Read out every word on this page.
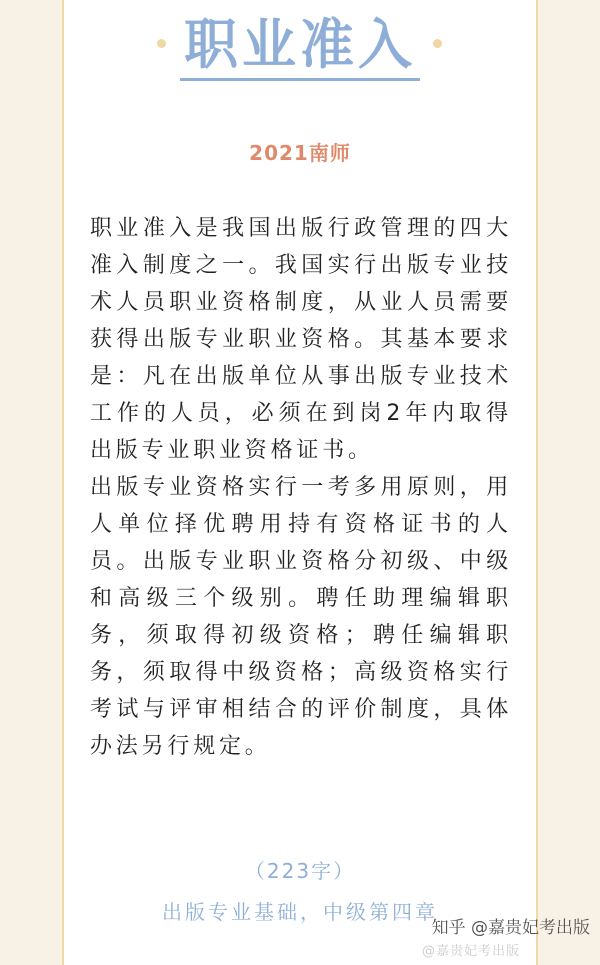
职业准入
2021南师

职业准入是我国出版行政管理的四大准入制度之一。我国实行出版专业技术人员职业资格制度，从业人员需要获得出版专业职业资格。其基本要求是：凡在出版单位从事出版专业技术工作的人员，必须在到岗2年内取得出版专业职业资格证书。

出版专业资格实行一考多用原则，用人单位择优聘用持有资格证书的人员。出版专业职业资格分初级、中级和高级三个级别。聘任助理编辑职务，须取得初级资格；聘任编辑职务，须取得中级资格；高级资格实行考试与评审相结合的评价制度，具体办法另行规定。

（223字）
出版专业基础，中级第四章
知乎 @嘉贵妃考出版
@嘉贵妃考出版
